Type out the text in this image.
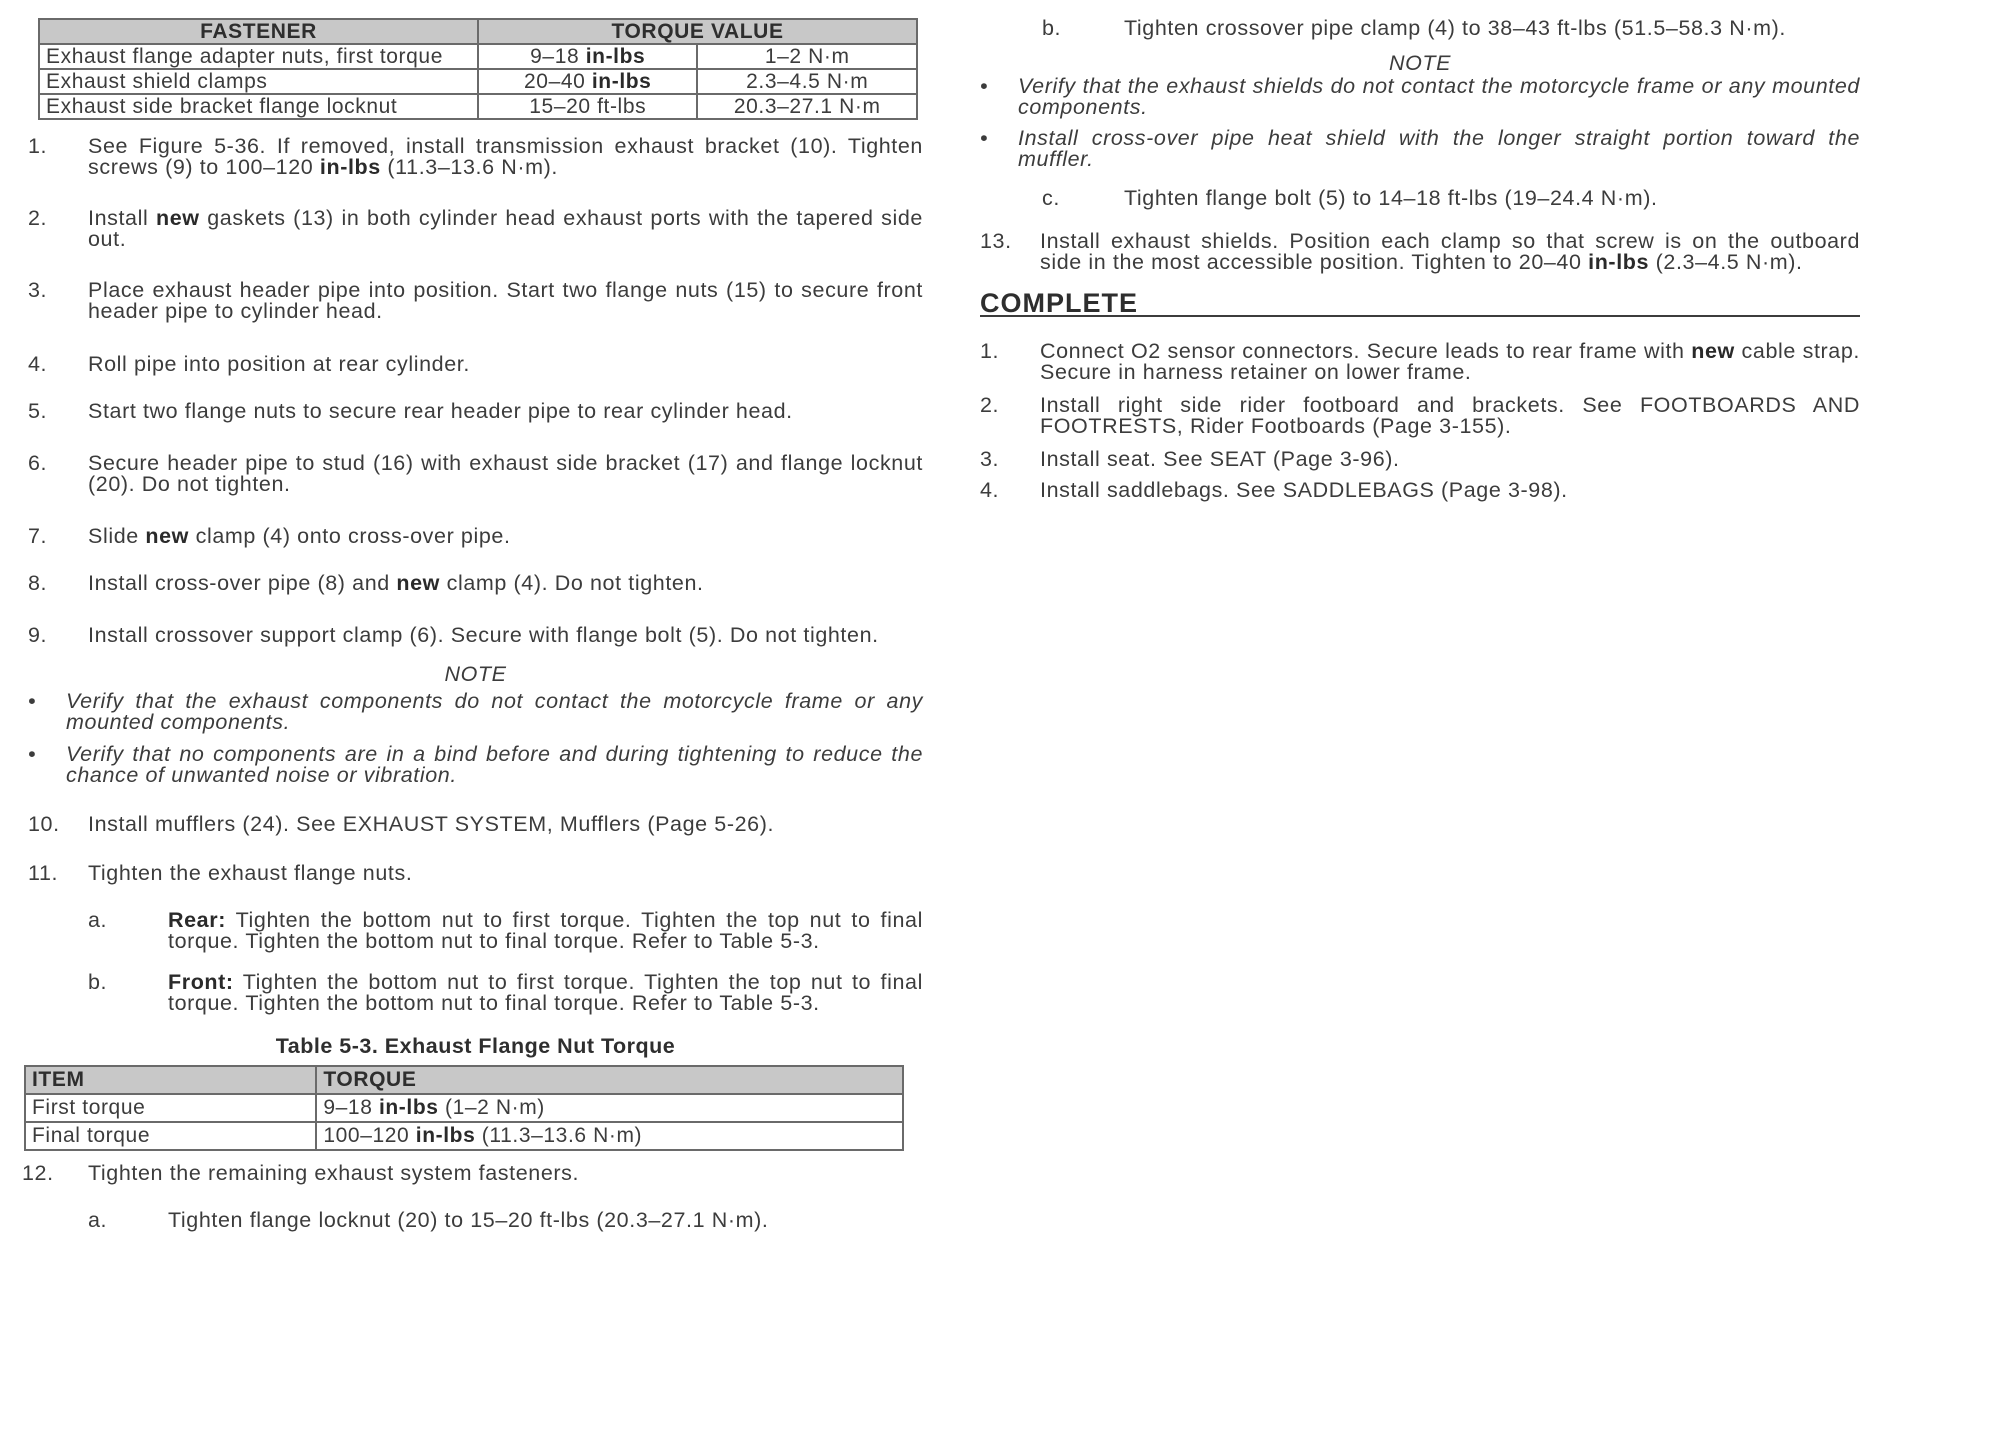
FASTENER	TORQUE VALUE	
Exhaust flange adapter nuts, first torque	9–18 in-lbs	1–2 N·m
Exhaust shield clamps	20–40 in-lbs	2.3–4.5 N·m
Exhaust side bracket flange locknut	15–20 ft-lbs	20.3–27.1 N·m
1.	See Figure 5-36. If removed, install transmission exhaust bracket (10). Tighten screws (9) to 100–120 in-lbs (11.3–13.6 N·m).
2.	Install new gaskets (13) in both cylinder head exhaust ports with the tapered side out.
3.	Place exhaust header pipe into position. Start two flange nuts (15) to secure front header pipe to cylinder head.
4.	Roll pipe into position at rear cylinder.
5.	Start two flange nuts to secure rear header pipe to rear cylinder head.
6.	Secure header pipe to stud (16) with exhaust side bracket (17) and flange locknut (20). Do not tighten.
7.	Slide new clamp (4) onto cross-over pipe.
8.	Install cross-over pipe (8) and new clamp (4). Do not tighten.
9.	Install crossover support clamp (6). Secure with flange bolt (5). Do not tighten.
NOTE
•	Verify that the exhaust components do not contact the motorcycle frame or any mounted components.
•	Verify that no components are in a bind before and during tightening to reduce the chance of unwanted noise or vibration.
10.	Install mufflers (24). See EXHAUST SYSTEM, Mufflers (Page 5-26).
11.	Tighten the exhaust flange nuts.
a.	Rear: Tighten the bottom nut to first torque. Tighten the top nut to final torque. Tighten the bottom nut to final torque. Refer to Table 5-3.
b.	Front: Tighten the bottom nut to first torque. Tighten the top nut to final torque. Tighten the bottom nut to final torque. Refer to Table 5-3.
Table 5-3. Exhaust Flange Nut Torque
ITEM	TORQUE
First torque	9–18 in-lbs (1–2 N·m)
Final torque	100–120 in-lbs (11.3–13.6 N·m)
12.	Tighten the remaining exhaust system fasteners.
a.	Tighten flange locknut (20) to 15–20 ft-lbs (20.3–27.1 N·m).
b.	Tighten crossover pipe clamp (4) to 38–43 ft-lbs (51.5–58.3 N·m).
NOTE
•	Verify that the exhaust shields do not contact the motorcycle frame or any mounted components.
•	Install cross-over pipe heat shield with the longer straight portion toward the muffler.
c.	Tighten flange bolt (5) to 14–18 ft-lbs (19–24.4 N·m).
13.	Install exhaust shields. Position each clamp so that screw is on the outboard side in the most accessible position. Tighten to 20–40 in-lbs (2.3–4.5 N·m).
COMPLETE
1.	Connect O2 sensor connectors. Secure leads to rear frame with new cable strap. Secure in harness retainer on lower frame.
2.	Install right side rider footboard and brackets. See FOOTBOARDS AND FOOTRESTS, Rider Footboards (Page 3-155).
3.	Install seat. See SEAT (Page 3-96).
4.	Install saddlebags. See SADDLEBAGS (Page 3-98).
